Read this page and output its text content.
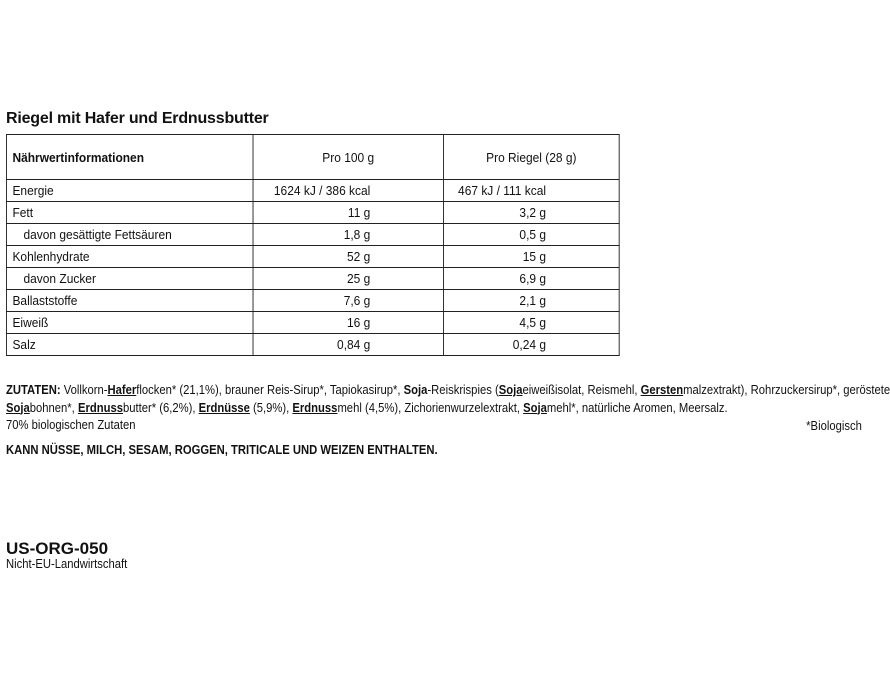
Riegel mit Hafer und Erdnussbutter
Nährwertinformationen	Pro 100 g	Pro Riegel (28 g)
Energie	1624 kJ / 386 kcal	467 kJ / 111 kcal
Fett	11 g	3,2 g
davon gesättigte Fettsäuren	1,8 g	0,5 g
Kohlenhydrate	52 g	15 g
davon Zucker	25 g	6,9 g
Ballaststoffe	7,6 g	2,1 g
Eiweiß	16 g	4,5 g
Salz	0,84 g	0,24 g

ZUTATEN: Vollkorn-Haferflocken* (21,1%), brauner Reis-Sirup*, Tapiokasirup*, Soja-Reiskrispies (Sojaeiweißisolat, Reismehl, Gerstenmalzextrakt), Rohrzuckersirup*, geröstete

Sojabohnen*, Erdnussbutter* (6,2%), Erdnüsse (5,9%), Erdnussmehl (4,5%), Zichorienwurzelextrakt, Sojamehl*, natürliche Aromen, Meersalz.

70% biologischen Zutaten	*Biologisch
KANN NÜSSE, MILCH, SESAM, ROGGEN, TRITICALE UND WEIZEN ENTHALTEN.
US-ORG-050
Nicht-EU-Landwirtschaft
